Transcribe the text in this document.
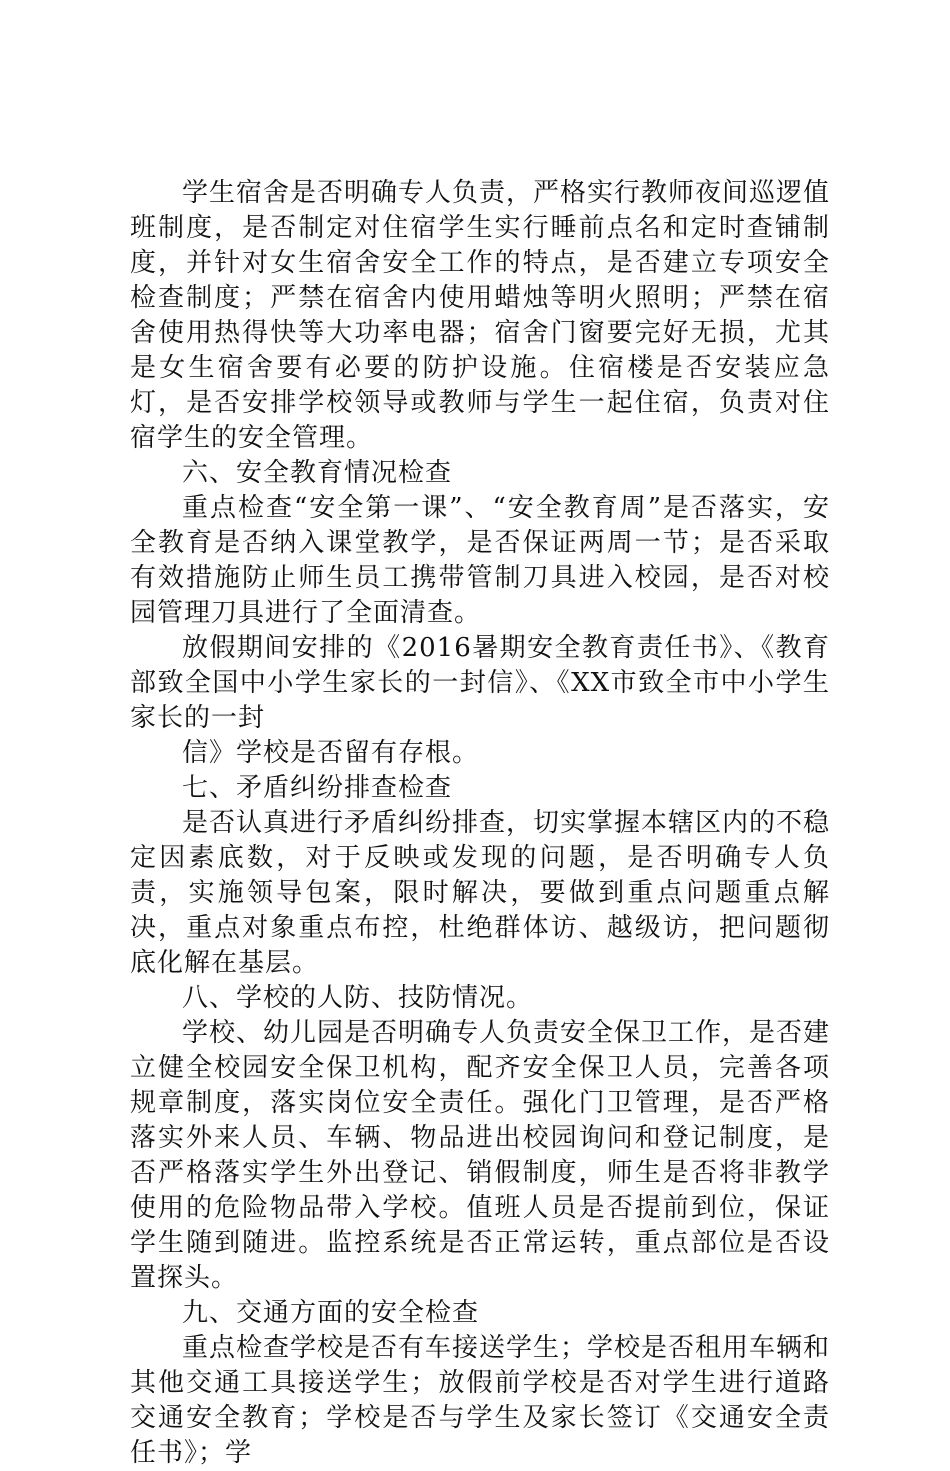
学生宿舍是否明确专人负责，严格实行教师夜间巡逻值班制度，是否制定对住宿学生实行睡前点名和定时查铺制度，并针对女生宿舍安全工作的特点，是否建立专项安全检查制度；严禁在宿舍内使用蜡烛等明火照明；严禁在宿舍使用热得快等大功率电器；宿舍门窗要完好无损，尤其是女生宿舍要有必要的防护设施。住宿楼是否安装应急灯，是否安排学校领导或教师与学生一起住宿，负责对住宿学生的安全管理。

六、安全教育情况检查

重点检查“安全第一课”、“安全教育周”是否落实，安全教育是否纳入课堂教学，是否保证两周一节；是否采取有效措施防止师生员工携带管制刀具进入校园，是否对校园管理刀具进行了全面清查。

放假期间安排的《2016暑期安全教育责任书》、《教育部致全国中小学生家长的一封信》、《XX市致全市中小学生家长的一封

信》学校是否留有存根。

七、矛盾纠纷排查检查

是否认真进行矛盾纠纷排查，切实掌握本辖区内的不稳定因素底数，对于反映或发现的问题，是否明确专人负责，实施领导包案，限时解决，要做到重点问题重点解决，重点对象重点布控，杜绝群体访、越级访，把问题彻底化解在基层。

八、学校的人防、技防情况。

学校、幼儿园是否明确专人负责安全保卫工作，是否建立健全校园安全保卫机构，配齐安全保卫人员，完善各项规章制度，落实岗位安全责任。强化门卫管理，是否严格落实外来人员、车辆、物品进出校园询问和登记制度，是否严格落实学生外出登记、销假制度，师生是否将非教学使用的危险物品带入学校。值班人员是否提前到位，保证学生随到随进。监控系统是否正常运转，重点部位是否设置探头。

九、交通方面的安全检查

重点检查学校是否有车接送学生；学校是否租用车辆和其他交通工具接送学生；放假前学校是否对学生进行道路交通安全教育；学校是否与学生及家长签订《交通安全责任书》；学
